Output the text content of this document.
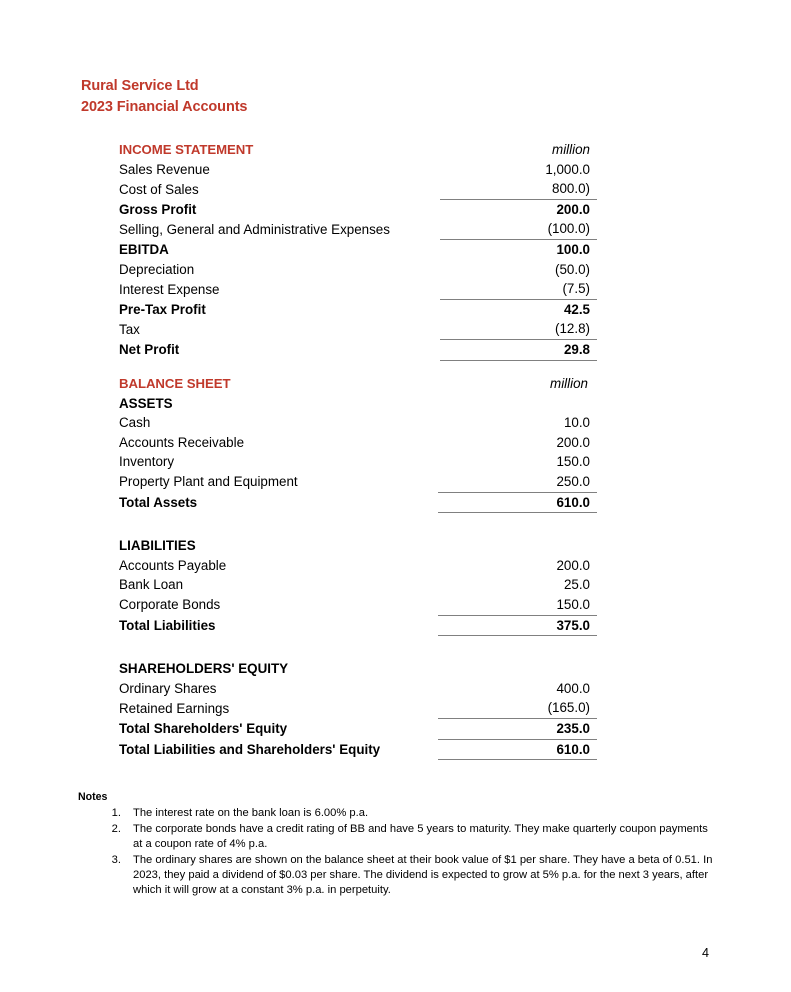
Rural Service Ltd
2023 Financial Accounts
INCOME STATEMENT	million
Sales Revenue	1,000.0
Cost of Sales	800.0)
Gross Profit	200.0
Selling, General and Administrative Expenses	(100.0)
EBITDA	100.0
Depreciation	(50.0)
Interest Expense	(7.5)
Pre-Tax Profit	42.5
Tax	(12.8)
Net Profit	29.8
BALANCE SHEET	million
ASSETS	
Cash	10.0
Accounts Receivable	200.0
Inventory	150.0
Property Plant and Equipment	250.0
Total Assets	610.0

LIABILITIES	
Accounts Payable	200.0
Bank Loan	25.0
Corporate Bonds	150.0
Total Liabilities	375.0

SHAREHOLDERS' EQUITY	
Ordinary Shares	400.0
Retained Earnings	(165.0)
Total Shareholders' Equity	235.0
Total Liabilities and Shareholders' Equity	610.0
Notes
The interest rate on the bank loan is 6.00% p.a.
The corporate bonds have a credit rating of BB and have 5 years to maturity. They make quarterly coupon payments at a coupon rate of 4% p.a.
The ordinary shares are shown on the balance sheet at their book value of $1 per share. They have a beta of 0.51. In 2023, they paid a dividend of $0.03 per share. The dividend is expected to grow at 5% p.a. for the next 3 years, after which it will grow at a constant 3% p.a. in perpetuity.
4
